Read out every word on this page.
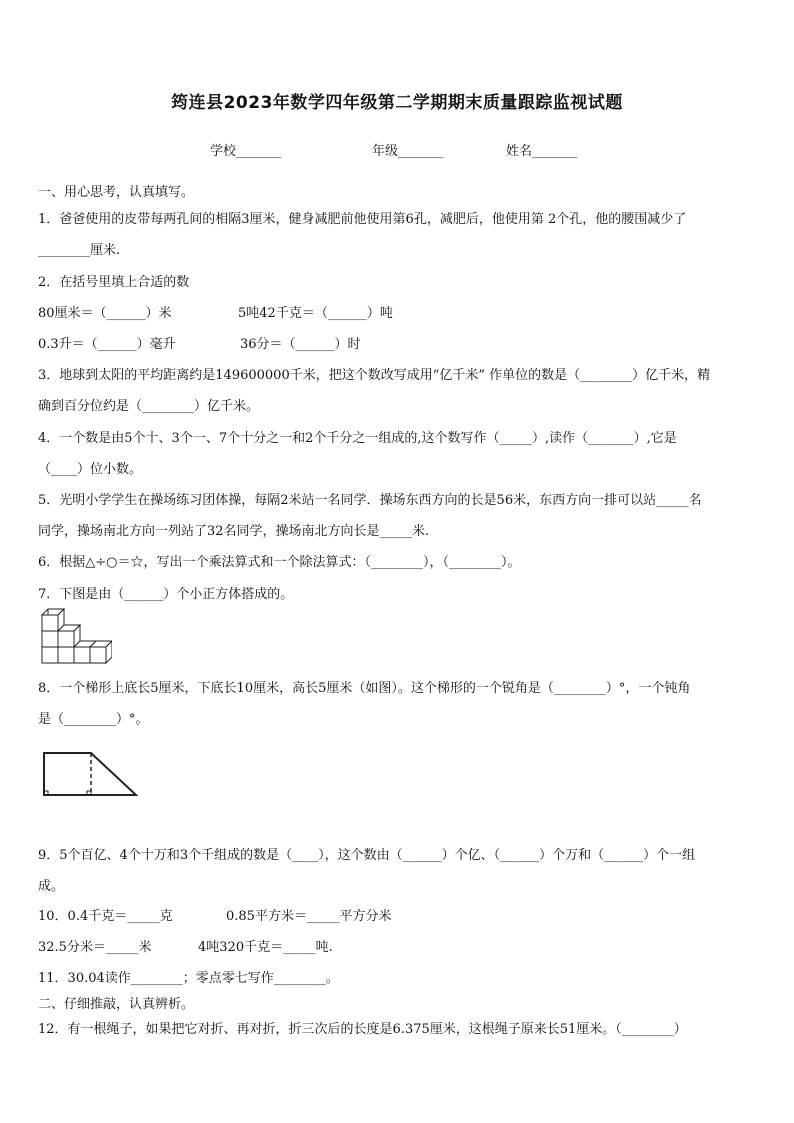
筠连县2023年数学四年级第二学期期末质量跟踪监视试题
学校_______	年级_______	姓名_______
一、用心思考，认真填写。
1．爸爸使用的皮带每两孔间的相隔3厘米，健身减肥前他使用第6孔，减肥后，他使用第 2个孔，他的腰围减少了
________厘米.
2．在括号里填上合适的数
80厘米＝（______）米	5吨42千克＝（______）吨
0.3升＝（______）毫升	36分＝（______）时
3．地球到太阳的平均距离约是149600000千米，把这个数改写成用“亿千米” 作单位的数是（________）亿千米，精
确到百分位约是（________）亿千米。
4．一个数是由5个十、3个一、7个十分之一和2个千分之一组成的,这个数写作（_____）,读作（_______）,它是
（____）位小数。
5．光明小学学生在操场练习团体操，每隔2米站一名同学．操场东西方向的长是56米，东西方向一排可以站_____名
同学，操场南北方向一列站了32名同学，操场南北方向长是_____米.
6．根据△÷○＝☆，写出一个乘法算式和一个除法算式：（________），（________）。
7．下图是由（______）个小正方体搭成的。
8．一个梯形上底长5厘米，下底长10厘米，高长5厘米（如图）。这个梯形的一个锐角是（________）°，一个钝角
是（________）°。
9．5个百亿、4个十万和3个千组成的数是（____），这个数由（______）个亿、（______）个万和（______）个一组
成。
10．0.4千克＝_____克	0.85平方米＝_____平方分米
32.5分米＝_____米	4吨320千克＝_____吨.
11．30.04读作________；零点零七写作________。
二、仔细推敲，认真辨析。
12．有一根绳子，如果把它对折、再对折，折三次后的长度是6.375厘米，这根绳子原来长51厘米。（________）
